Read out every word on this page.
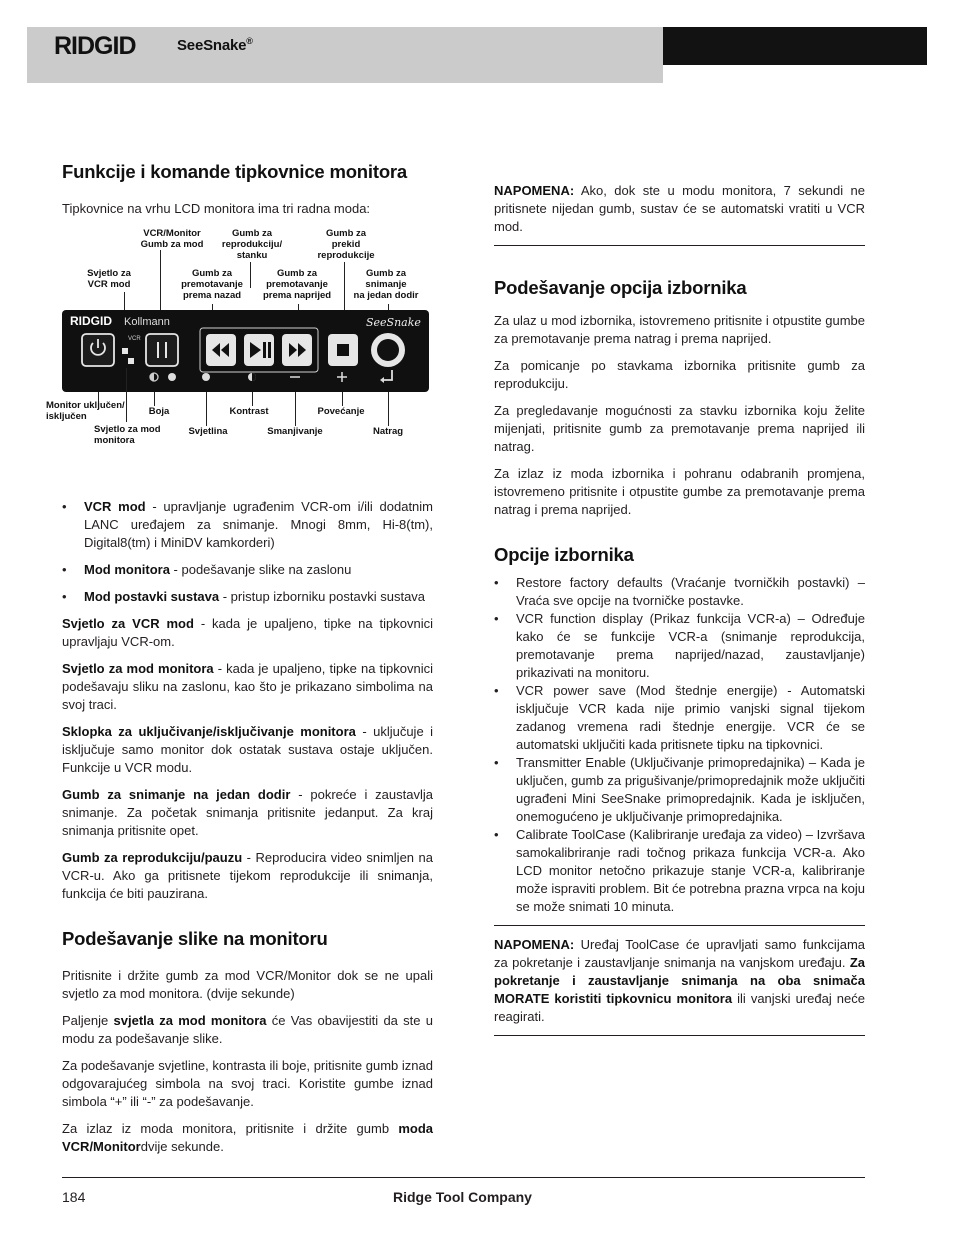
RIDGID	SeeSnake®
Funkcije i komande tipkovnice monitora

Tipkovnice na vrhu LCD monitora ima tri radna moda:

VCR/Monitor
Gumb za mod
Gumb za
reprodukciju/
stanku
Gumb za
prekid
reprodukcije
Svjetlo za
VCR mod
Gumb za
premotavanje
prema nazad
Gumb za
premotavanje
prema naprijed
Gumb za
snimanje
na jedan dodir
RIDGID Kollmann	SeeSnake
VCR
Monitor uključen/
isključen	Boja	Kontrast	Povećanje
Svjetlo za mod
monitora
Svjetlina	Smanjivanje	Natrag
• VCR mod - upravljanje ugrađenim VCR-om i/ili dodatnim LANC uređajem za snimanje. Mnogi 8mm, Hi-8(tm), Digital8(tm) i MiniDV kamkorderi)
• Mod monitora - podešavanje slike na zaslonu
• Mod postavki sustava - pristup izborniku postavki sustava

Svjetlo za VCR mod - kada je upaljeno, tipke na tipkovnici upravljaju VCR-om.

Svjetlo za mod monitora - kada je upaljeno, tipke na tipkovnici podešavaju sliku na zaslonu, kao što je prikazano simbolima na svoj traci.

Sklopka za uključivanje/isključivanje monitora - uključuje i isključuje samo monitor dok ostatak sustava ostaje uključen. Funkcije u VCR modu.

Gumb za snimanje na jedan dodir - pokreće i zaustavlja snimanje. Za početak snimanja pritisnite jedanput. Za kraj snimanja pritisnite opet.

Gumb za reprodukciju/pauzu - Reproducira video snimljen na VCR-u. Ako ga pritisnete tijekom reprodukcije ili snimanja, funkcija će biti pauzirana.

Podešavanje slike na monitoru

Pritisnite i držite gumb za mod VCR/Monitor dok se ne upali svjetlo za mod monitora. (dvije sekunde)

Paljenje svjetla za mod monitora će Vas obavijestiti da ste u modu za podešavanje slike.

Za podešavanje svjetline, kontrasta ili boje, pritisnite gumb iznad odgovarajućeg simbola na svoj traci. Koristite gumbe iznad simbola “+” ili “-” za podešavanje.

Za izlaz iz moda monitora, pritisnite i držite gumb moda VCR/Monitordvije sekunde.

NAPOMENA: Ako, dok ste u modu monitora, 7 sekundi ne pritisnete nijedan gumb, sustav će se automatski vratiti u VCR mod.

Podešavanje opcija izbornika

Za ulaz u mod izbornika, istovremeno pritisnite i otpustite gumbe za premotavanje prema natrag i prema naprijed.

Za pomicanje po stavkama izbornika pritisnite gumb za reprodukciju.

Za pregledavanje mogućnosti za stavku izbornika koju želite mijenjati, pritisnite gumb za premotavanje prema naprijed ili natrag.

Za izlaz iz moda izbornika i pohranu odabranih promjena, istovremeno pritisnite i otpustite gumbe za premotavanje prema natrag i prema naprijed.

Opcije izbornika
• Restore factory defaults (Vraćanje tvorničkih postavki) – Vraća sve opcije na tvorničke postavke.
• VCR function display (Prikaz funkcija VCR-a) – Određuje kako će se funkcije VCR-a (snimanje reprodukcija, premotavanje prema naprijed/nazad, zaustavljanje) prikazivati na monitoru.
• VCR power save (Mod štednje energije) - Automatski isključuje VCR kada nije primio vanjski signal tijekom zadanog vremena radi štednje energije. VCR će se automatski uključiti kada pritisnete tipku na tipkovnici.
• Transmitter Enable (Uključivanje primopredajnika) – Kada je uključen, gumb za prigušivanje/primopredajnik može uključiti ugrađeni Mini SeeSnake primopredajnik. Kada je isključen, onemogućeno je uključivanje primopredajnika.
• Calibrate ToolCase (Kalibriranje uređaja za video) – Izvršava samokalibriranje radi točnog prikaza funkcija VCR-a. Ako LCD monitor netočno prikazuje stanje VCR-a, kalibriranje može ispraviti problem. Bit će potrebna prazna vrpca na koju se može snimati 10 minuta.

NAPOMENA: Uređaj ToolCase će upravljati samo funkcijama za pokretanje i zaustavljanje snimanja na vanjskom uređaju. Za pokretanje i zaustavljanje snimanja na oba snimača MORATE koristiti tipkovnicu monitora ili vanjski uređaj neće reagirati.

184	Ridge Tool Company
